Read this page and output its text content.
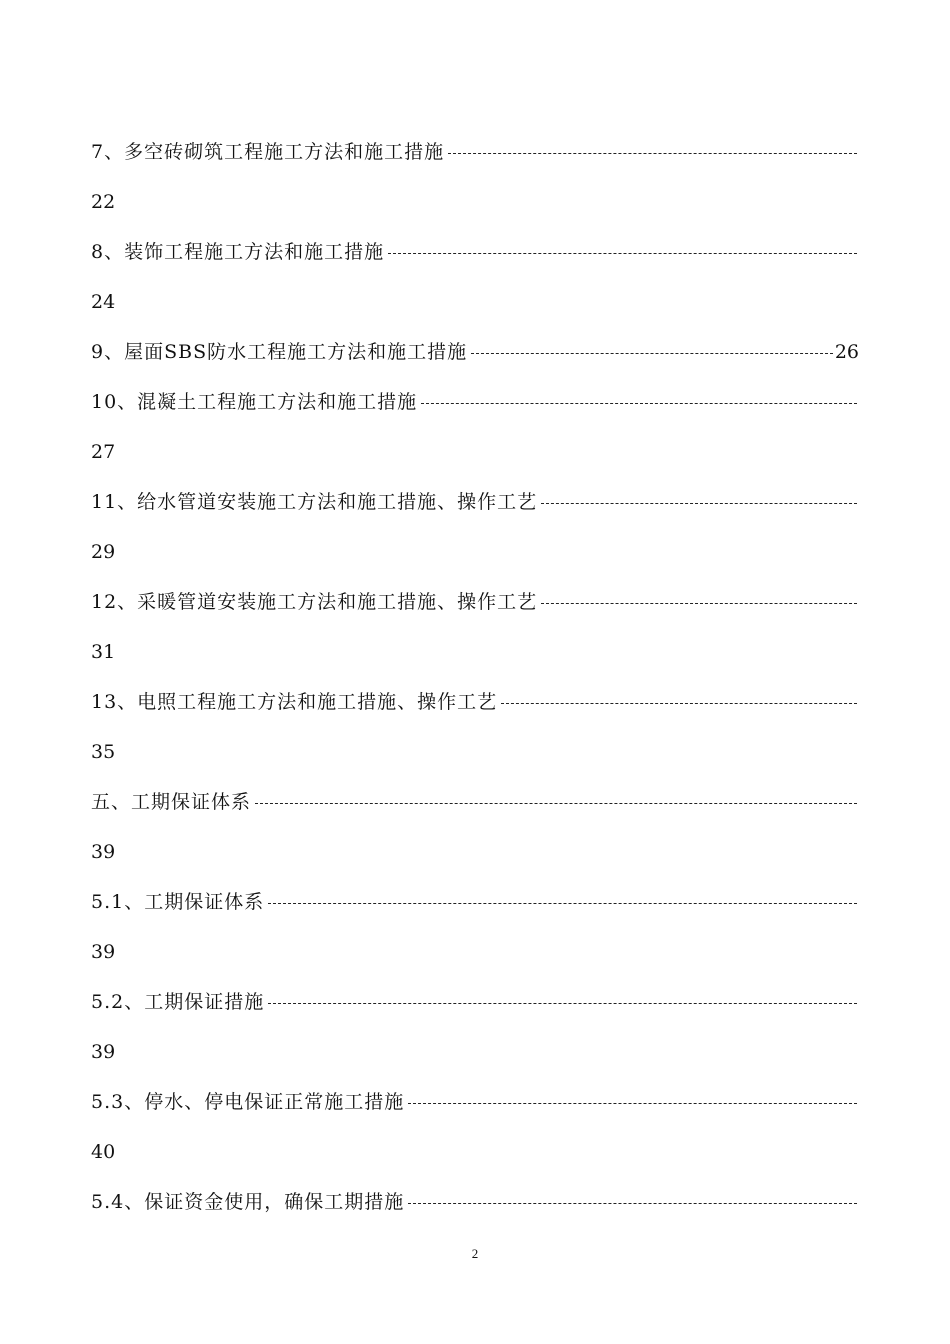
7、多空砖砌筑工程施工方法和施工措施
22
8、装饰工程施工方法和施工措施
24
9、屋面SBS防水工程施工方法和施工措施	26
10、混凝土工程施工方法和施工措施
27
11、给水管道安装施工方法和施工措施、操作工艺
29
12、采暖管道安装施工方法和施工措施、操作工艺
31
13、电照工程施工方法和施工措施、操作工艺
35
五、工期保证体系
39
5.1、工期保证体系
39
5.2、工期保证措施
39
5.3、停水、停电保证正常施工措施
40
5.4、保证资金使用，确保工期措施
2
